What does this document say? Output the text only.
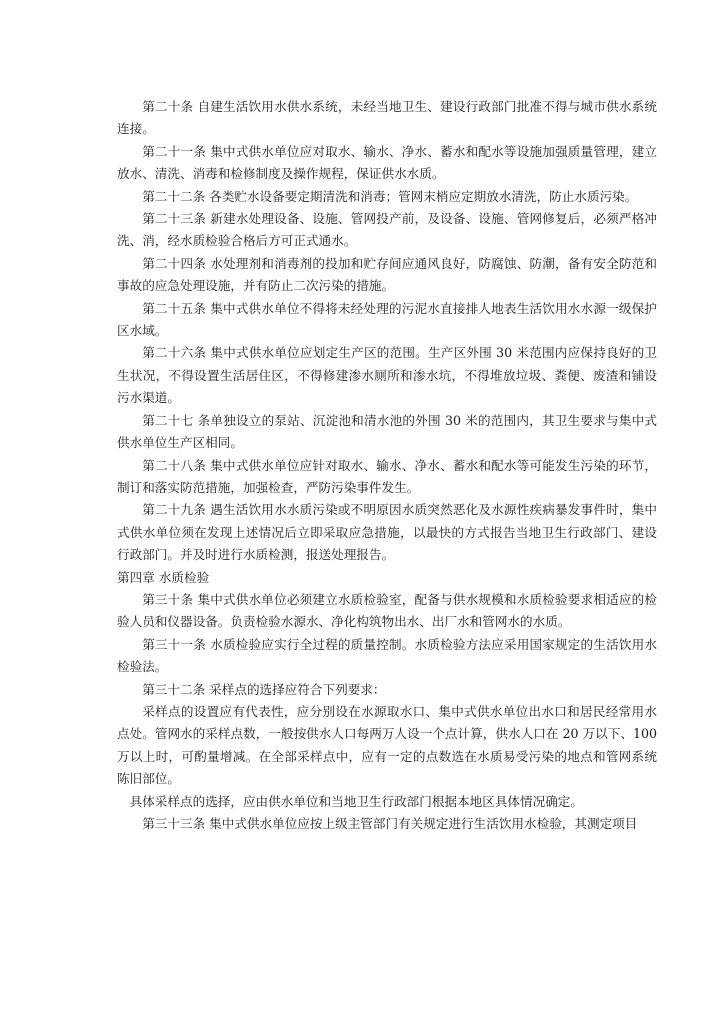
第二十条 自建生活饮用水供水系统，未经当地卫生、建设行政部门批准不得与城市供水系统连接。

第二十一条 集中式供水单位应对取水、输水、净水、蓄水和配水等设施加强质量管理，建立放水、清洗、消毒和检修制度及操作规程，保证供水水质。

第二十二条 各类贮水设备要定期清洗和消毒；管网末梢应定期放水清洗，防止水质污染。

第二十三条 新建水处理设备、设施、管网投产前，及设备、设施、管网修复后，必须严格冲洗、消，经水质检验合格后方可正式通水。

第二十四条 水处理剂和消毒剂的投加和贮存间应通风良好，防腐蚀、防潮，备有安全防范和事故的应急处理设施，并有防止二次污染的措施。

第二十五条 集中式供水单位不得将未经处理的污泥水直接排人地表生活饮用水水源一级保护区水域。

第二十六条 集中式供水单位应划定生产区的范围。生产区外围 30 米范围内应保持良好的卫生状况，不得设置生活居住区，不得修建渗水厕所和渗水坑，不得堆放垃圾、粪便、废渣和铺设污水渠道。

第二十七 条单独设立的泵站、沉淀池和清水池的外围 30 米的范围内，其卫生要求与集中式供水单位生产区相同。

第二十八条 集中式供水单位应针对取水、输水、净水、蓄水和配水等可能发生污染的环节，制订和落实防范措施，加强检查，严防污染事件发生。

第二十九条 遇生活饮用水水质污染或不明原因水质突然恶化及水源性疾病暴发事件时，集中式供水单位须在发现上述情况后立即采取应急措施，以最快的方式报告当地卫生行政部门、建设行政部门。并及时进行水质检测，报送处理报告。

第四章 水质检验

第三十条 集中式供水单位必须建立水质检验室，配备与供水规模和水质检验要求相适应的检验人员和仪器设备。负责检验水源水、净化构筑物出水、出厂水和管网水的水质。

第三十一条 水质检验应实行全过程的质量控制。水质检验方法应采用国家规定的生活饮用水检验法。

第三十二条 采样点的选择应符合下列要求：

采样点的设置应有代表性，应分别设在水源取水口、集中式供水单位出水口和居民经常用水点处。管网水的采样点数，一般按供水人口每两万人设一个点计算，供水人口在 20 万以下、100 万以上时，可酌量增减。在全部采样点中，应有一定的点数选在水质易受污染的地点和管网系统陈旧部位。

具体采样点的选择，应由供水单位和当地卫生行政部门根据本地区具体情况确定。

第三十三条 集中式供水单位应按上级主管部门有关规定进行生活饮用水检验，其测定项目
